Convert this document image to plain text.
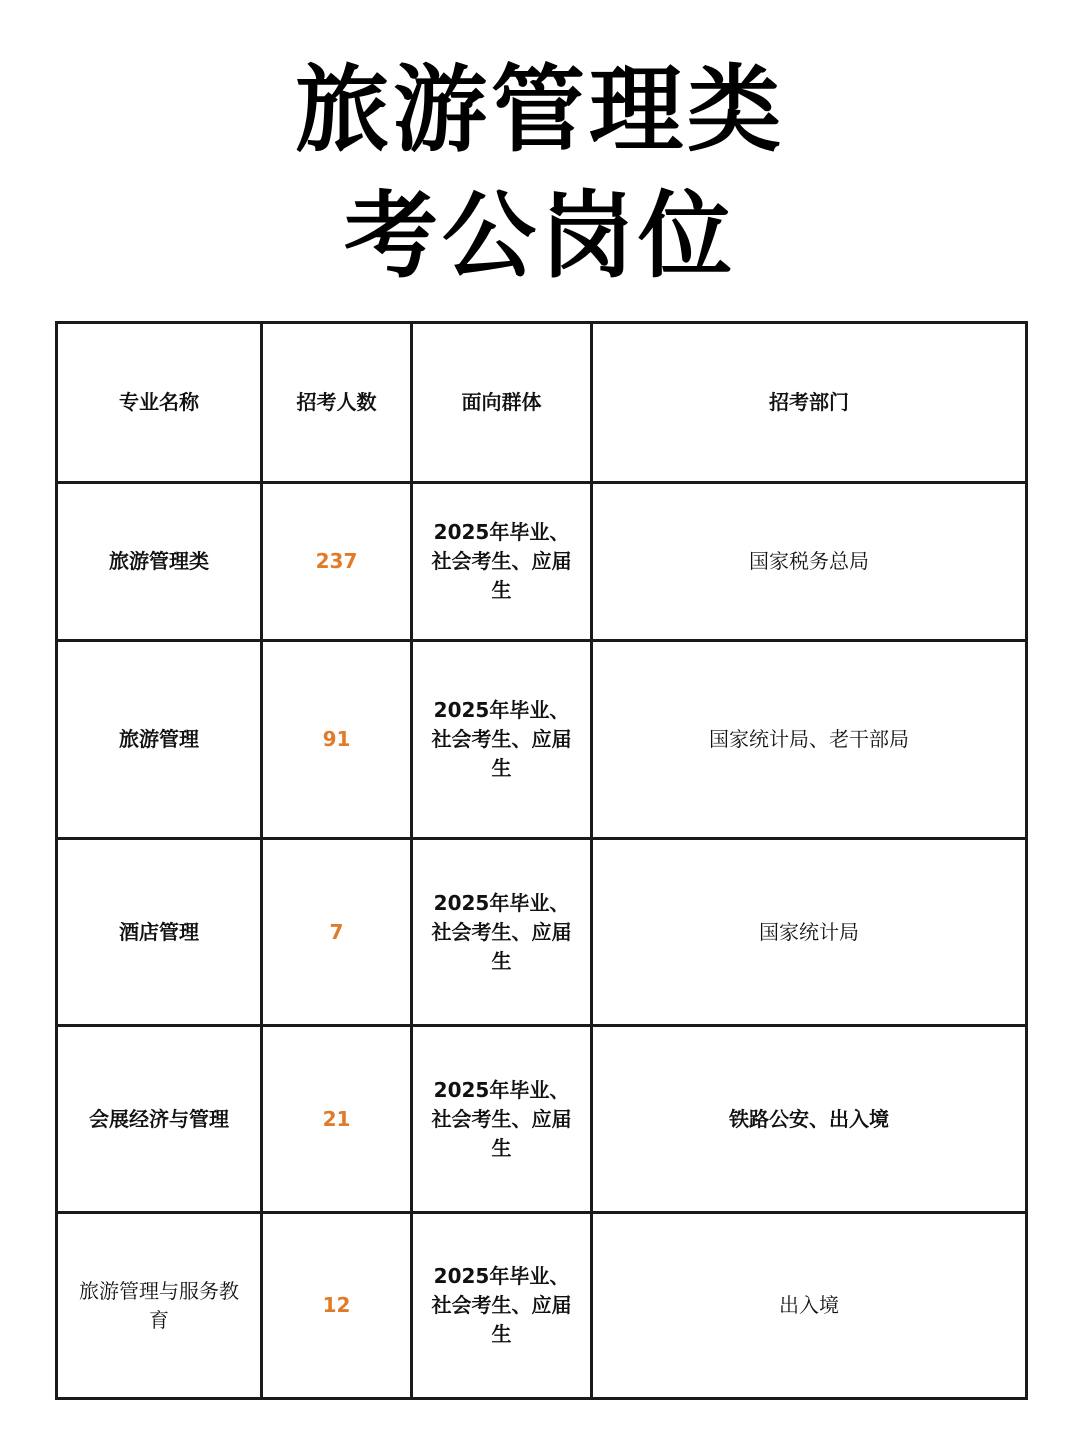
旅游管理类
考公岗位
专业名称	招考人数	面向群体	招考部门
旅游管理类	237	2025年毕业、社会考生、应届生	国家税务总局
旅游管理	91	2025年毕业、社会考生、应届生	国家统计局、老干部局
酒店管理	7	2025年毕业、社会考生、应届生	国家统计局
会展经济与管理	21	2025年毕业、社会考生、应届生	铁路公安、出入境
旅游管理与服务教育	12	2025年毕业、社会考生、应届生	出入境
